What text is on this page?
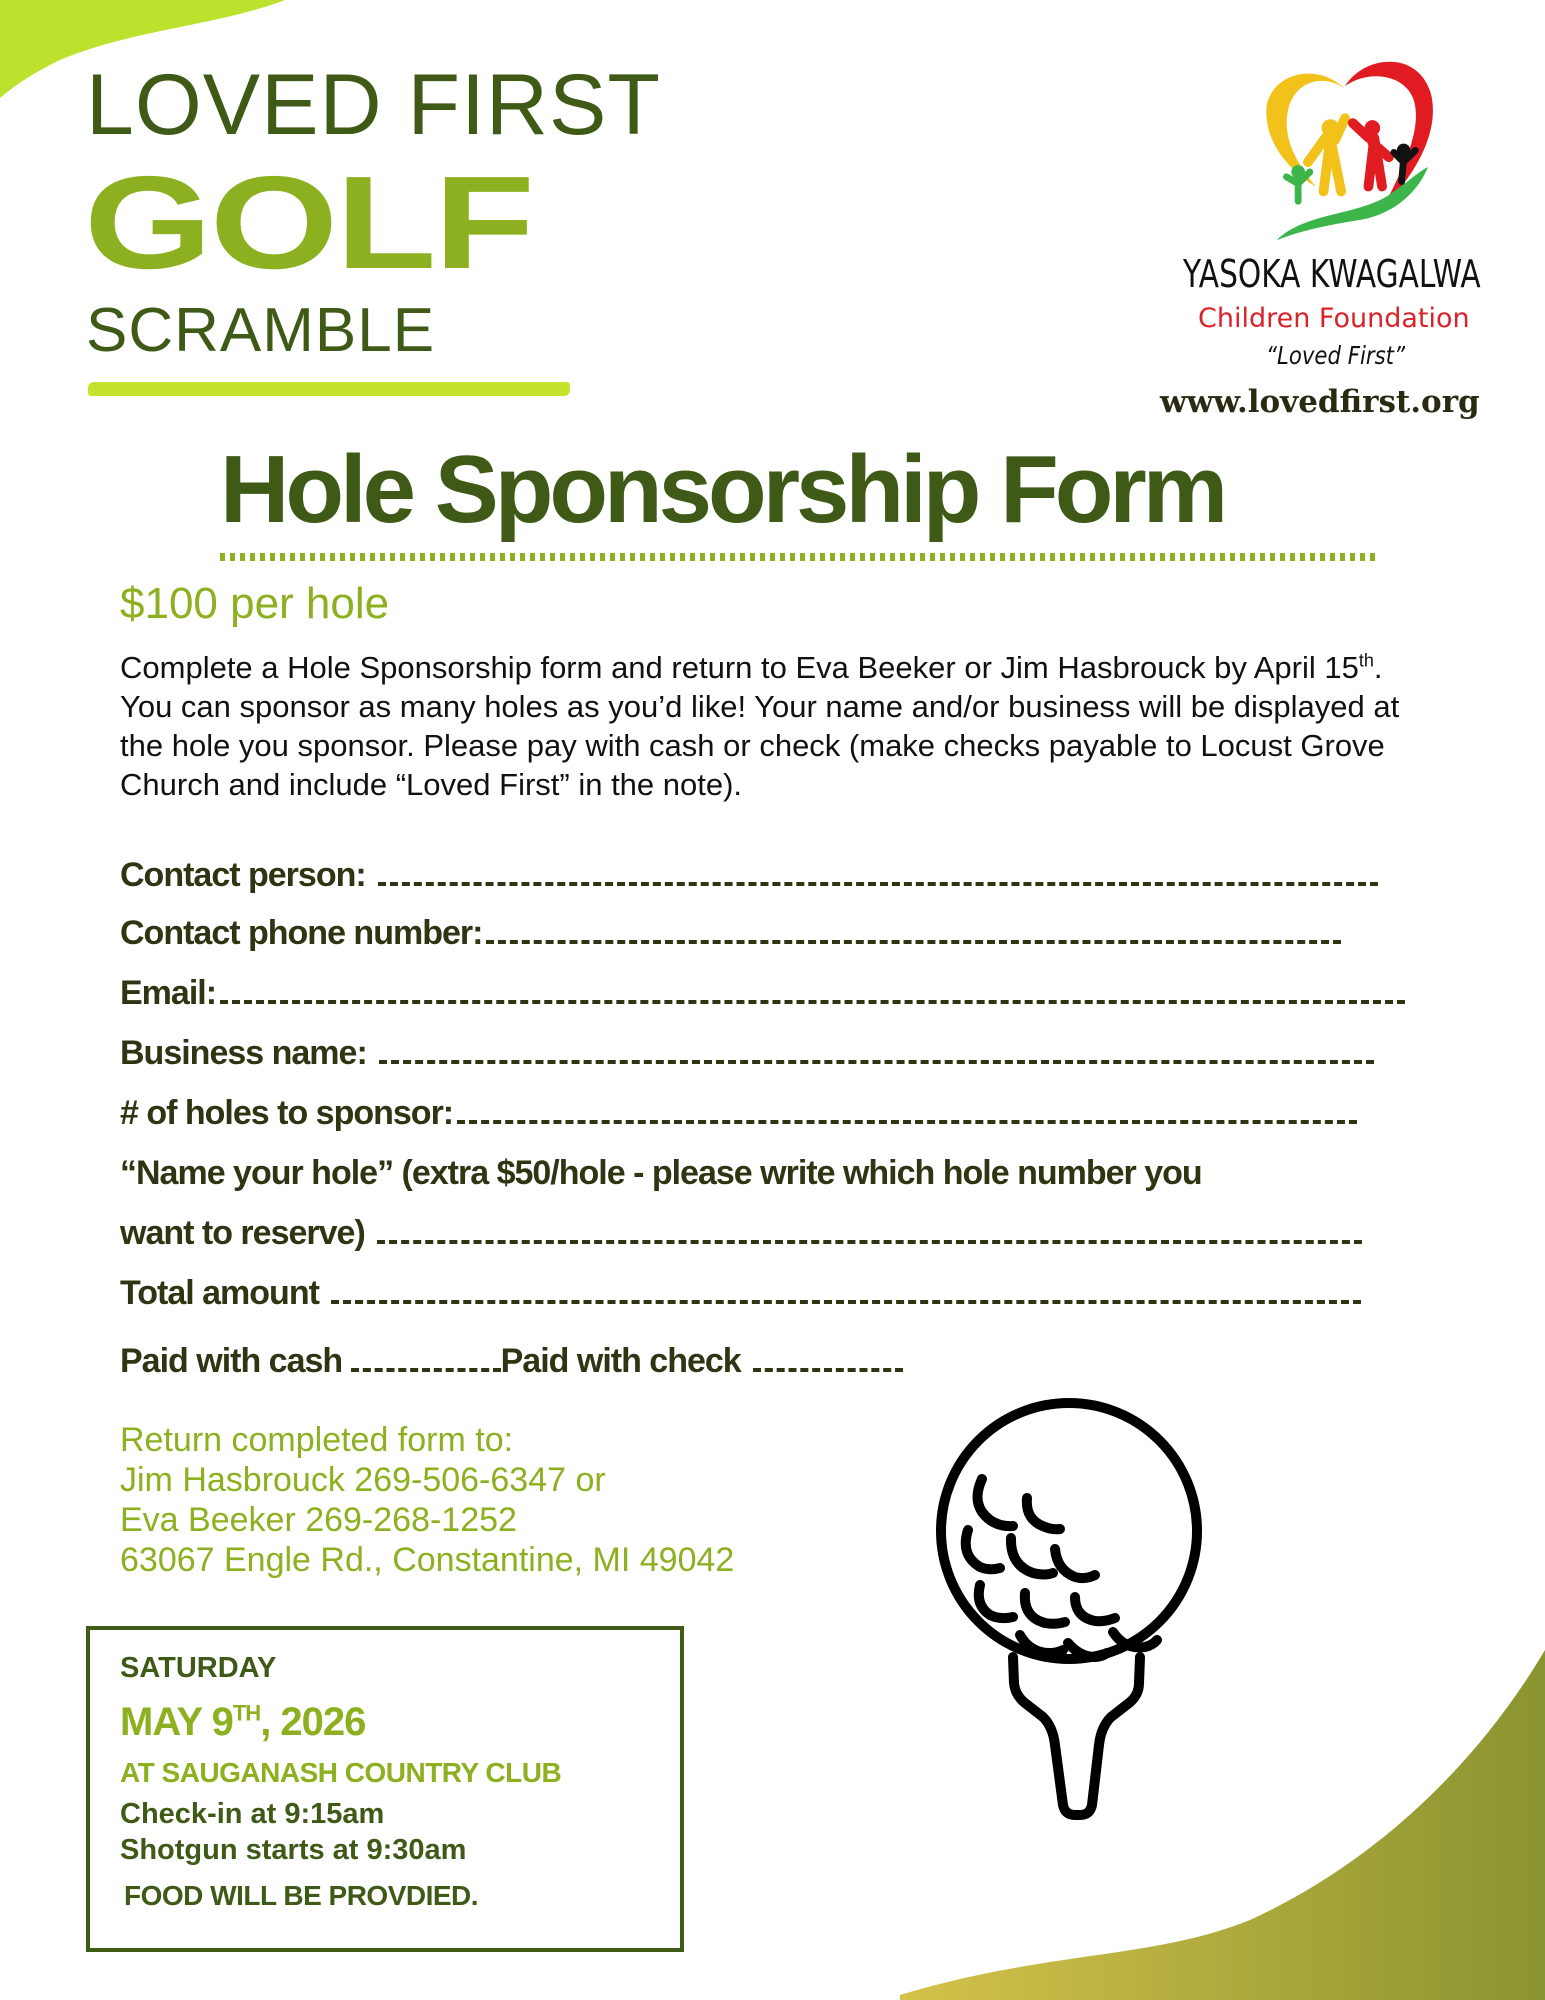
LOVED FIRST
GOLF
SCRAMBLE
YASOKA KWAGALWA
Children Foundation
“Loved First”
www.lovedfirst.org
Hole Sponsorship Form
$100 per hole
Complete a Hole Sponsorship form and return to Eva Beeker or Jim Hasbrouck by April 15th. You can sponsor as many holes as you’d like! Your name and/or business will be displayed at the hole you sponsor. Please pay with cash or check (make checks payable to Locust Grove Church and include “Loved First” in the note).
Contact person:
Contact phone number:
Email:
Business name:
# of holes to sponsor:
“Name your hole” (extra $50/hole - please write which hole number you
want to reserve)
Total amount
Paid with cash	Paid with check
Return completed form to:
Jim Hasbrouck 269-506-6347 or
Eva Beeker 269-268-1252
63067 Engle Rd., Constantine, MI 49042
SATURDAY
MAY 9TH, 2026
AT SAUGANASH COUNTRY CLUB
Check-in at 9:15am
Shotgun starts at 9:30am
FOOD WILL BE PROVDIED.
